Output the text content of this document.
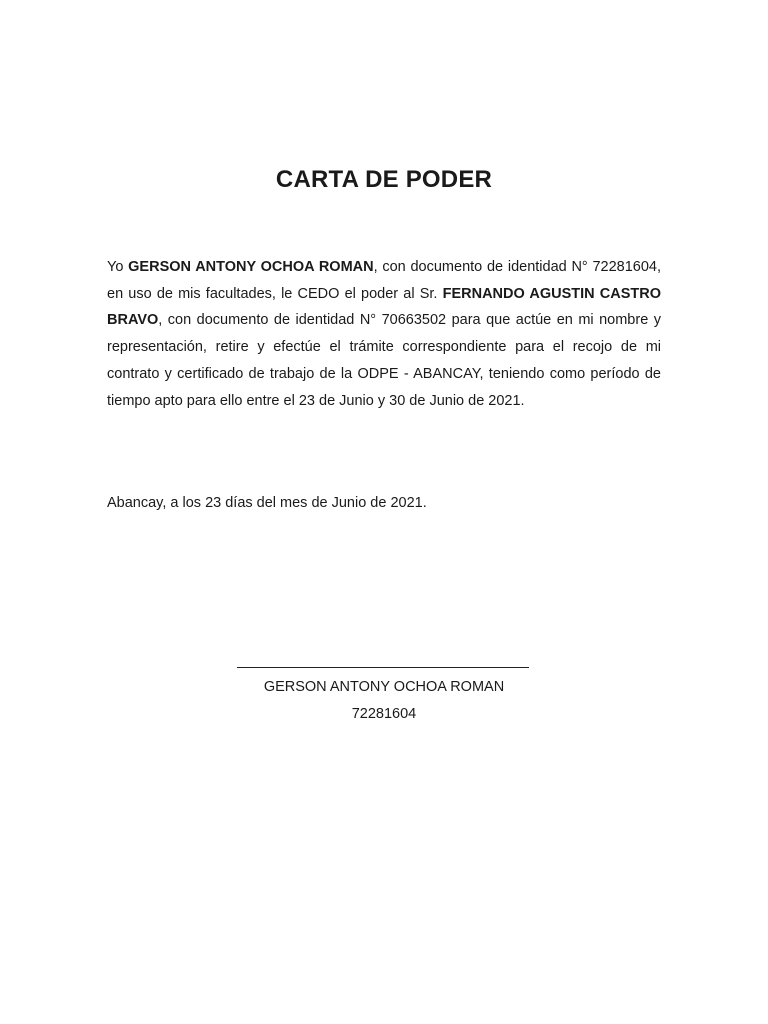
CARTA DE PODER

Yo GERSON ANTONY OCHOA ROMAN, con documento de identidad N° 72281604, en uso de mis facultades, le CEDO el poder al Sr. FERNANDO AGUSTIN CASTRO BRAVO, con documento de identidad N° 70663502 para que actúe en mi nombre y representación, retire y efectúe el trámite correspondiente para el recojo de mi contrato y certificado de trabajo de la ODPE - ABANCAY, teniendo como período de tiempo apto para ello entre el 23 de Junio y 30 de Junio de 2021.

Abancay, a los 23 días del mes de Junio de 2021.

GERSON ANTONY OCHOA ROMAN

72281604
